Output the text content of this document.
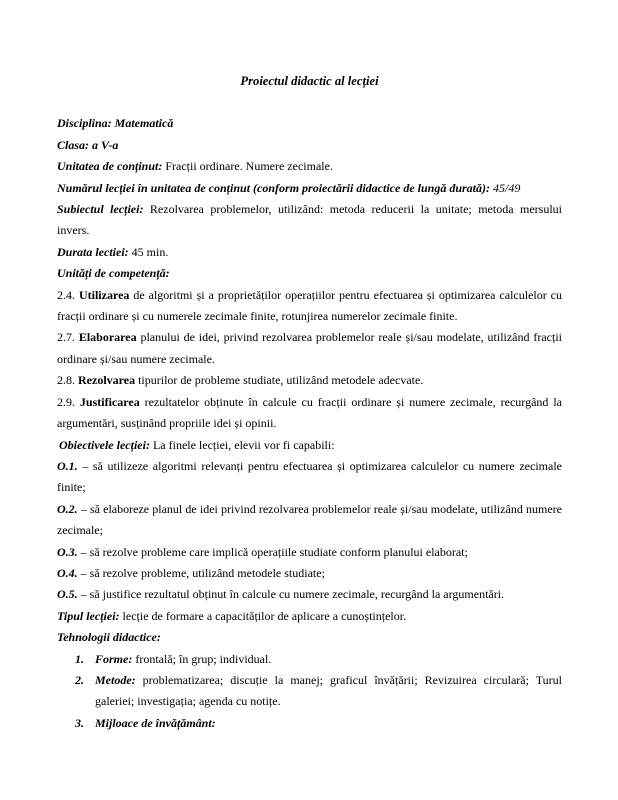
Proiectul didactic al lecției

Disciplina: Matematică

Clasa: a V-a

Unitatea de conținut: Fracții ordinare. Numere zecimale.

Numărul lecției în unitatea de conținut (conform proiectării didactice de lungă durată): 45/49

Subiectul lecției: Rezolvarea problemelor, utilizând: metoda reducerii la unitate; metoda mersului invers.

Durata lectiei: 45 min.

Unități de competență:

2.4. Utilizarea de algoritmi și a proprietăților operațiilor pentru efectuarea și optimizarea calculelor cu fracții ordinare și cu numerele zecimale finite, rotunjirea numerelor zecimale finite.

2.7. Elaborarea planului de idei, privind rezolvarea problemelor reale și/sau modelate, utilizând fracții ordinare și/sau numere zecimale.

2.8. Rezolvarea tipurilor de probleme studiate, utilizând metodele adecvate.

2.9. Justificarea rezultatelor obținute în calcule cu fracții ordinare și numere zecimale, recurgând la argumentări, susținând propriile idei și opinii.

Obiectivele lecției: La finele lecției, elevii vor fi capabili:

O.1. – să utilizeze algoritmi relevanți pentru efectuarea și optimizarea calculelor cu numere zecimale finite;

O.2. – să elaboreze planul de idei privind rezolvarea problemelor reale și/sau modelate, utilizând numere zecimale;

O.3. – să rezolve probleme care implică operațiile studiate conform planului elaborat;

O.4. – să rezolve probleme, utilizând metodele studiate;

O.5. – să justifice rezultatul obținut în calcule cu numere zecimale, recurgând la argumentări.

Tipul lecției: lecție de formare a capacităților de aplicare a cunoștințelor.

Tehnologii didactice:

1. Forme: frontală; în grup; individual.
2. Metode: problematizarea; discuție la manej; graficul învățării; Revizuirea circulară; Turul galeriei; investigația; agenda cu notițe.
3. Mijloace de învățământ:
